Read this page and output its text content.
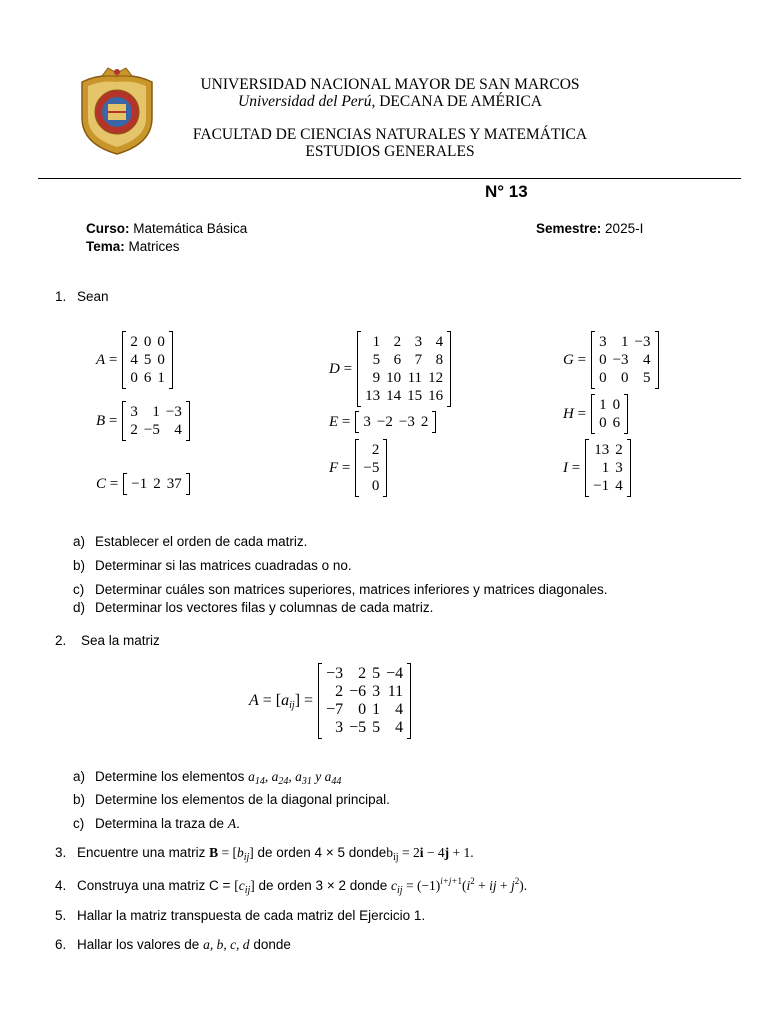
UNIVERSIDAD NACIONAL MAYOR DE SAN MARCOS
Universidad del Perú, DECANA DE AMÉRICA
FACULTAD DE CIENCIAS NATURALES Y MATEMÁTICA
ESTUDIOS GENERALES
N° 13
Curso: Matemática Básica
Tema: Matrices
Semestre: 2025-I
1. Sean
A =
2
4
0
0
5
6
0
0
1
B =
3
2
1
−5
−3
4
C = −1 2 37
D =
1
5
9
13
2
6
10
14
3
7
11
15
4
8
12
16
E = 3 −2 −3 2
F =
2
−5
0
G =
3
0
0
1
−3
0
−3
4
5
H =
1
0
0
6
I =
13
1
−1
2
3
4
a) Establecer el orden de cada matriz.
b) Determinar si las matrices cuadradas o no.
c) Determinar cuáles son matrices superiores, matrices inferiores y matrices diagonales.
d) Determinar los vectores filas y columnas de cada matriz.
2. Sea la matriz
$A = [a_{ij}]$ =
−3
2
−7
3
2
−6
0
−5
5
3
1
5
−4
11
4
4
a) Determine los elementos $a_{14}$, $a_{24}$, $a_{31}$ y $a_{44}$
b) Determine los elementos de la diagonal principal.
c) Determina la traza de A.
3. Encuentre una matriz $B = [b_{ij}]$ de orden 4 × 5 dondeb$_{ij}$ = 2i − 4j + 1.
4. Construya una matriz $C = [c_{ij}]$ de orden 3 × 2 donde $c_{ij} = (-1)^{i+j+1}(i^2$ + ij + $j^2$).
5. Hallar la matriz transpuesta de cada matriz del Ejercicio 1.
6. Hallar los valores de a, b, c, d donde
